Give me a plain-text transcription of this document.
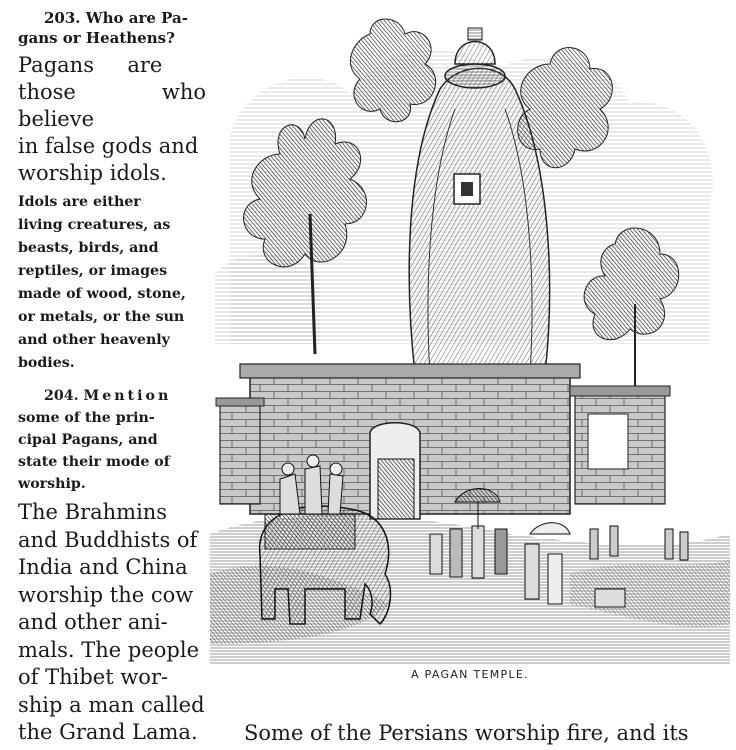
203. Who are Pa-
gans or Heathens?
Pagans     are
those who believe
in false gods and
worship idols.
Idols are either
living creatures, as
beasts, birds, and
reptiles, or images
made of wood, stone,
or metals, or the sun
and other heavenly
bodies.
204. Mention
some of the prin-
cipal Pagans, and
state their mode of
worship.
The Brahmins
and Buddhists of
India and China
worship the cow
and other ani-
mals. The people
of Thibet wor-
ship a man called
the Grand Lama.
A PAGAN TEMPLE.
Some of the Persians worship fire, and its
